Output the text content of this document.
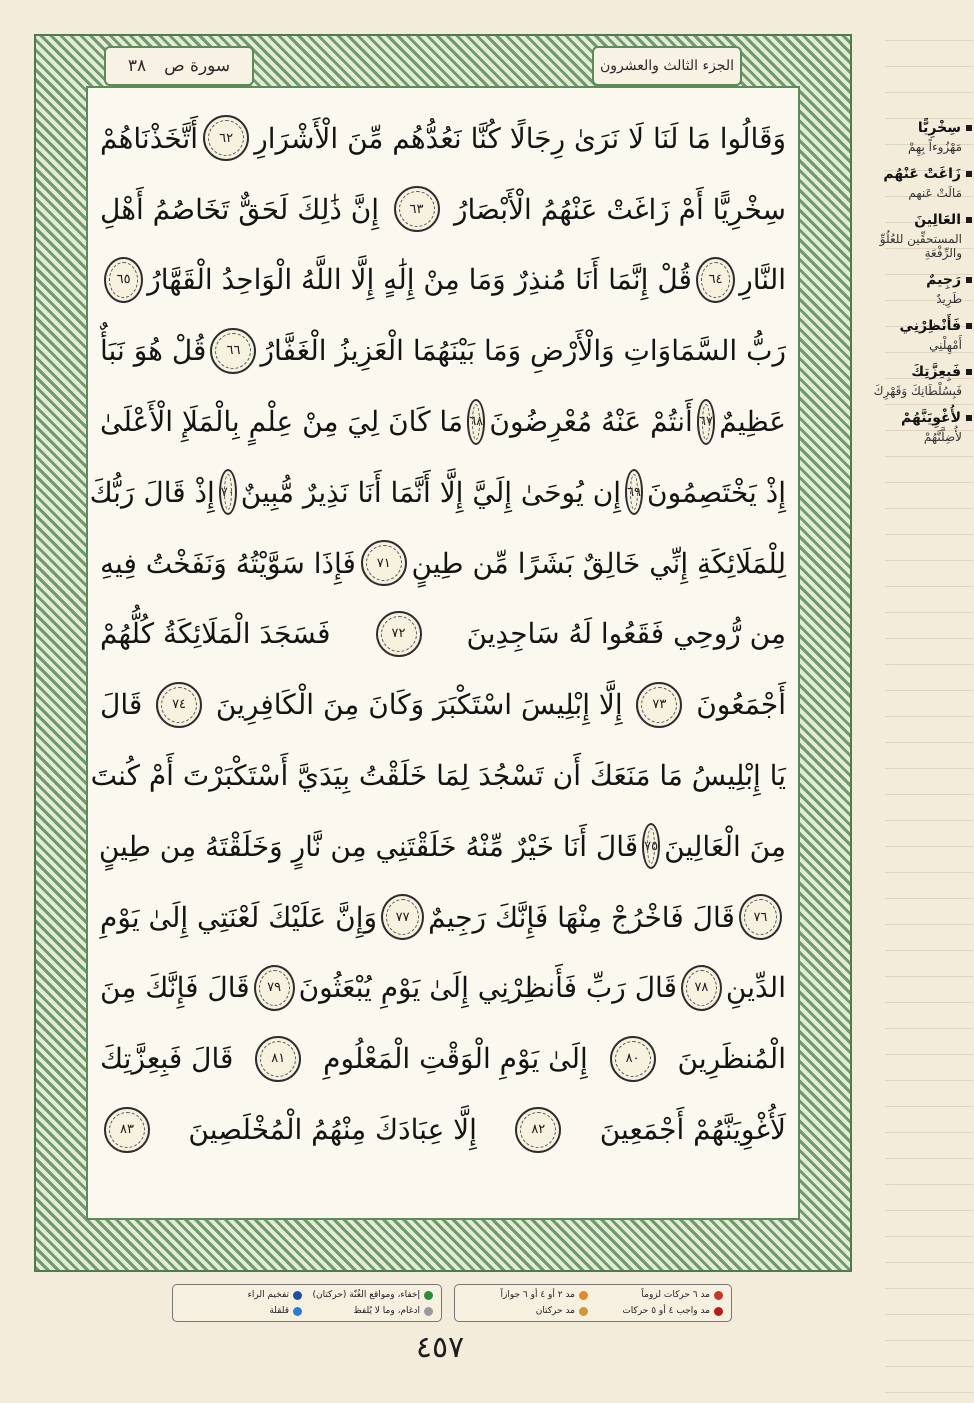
الجزء الثالث والعشرون
٣٨ سورة ص
وَقَالُوا مَا لَنَا لَا نَرَىٰ رِجَالًا كُنَّا نَعُدُّهُم مِّنَ الْأَشْرَارِ
٦٢
أَتَّخَذْنَاهُمْ
سِخْرِيًّا أَمْ زَاغَتْ عَنْهُمُ الْأَبْصَارُ
٦٣
إِنَّ ذَٰلِكَ لَحَقٌّ تَخَاصُمُ أَهْلِ
النَّارِ
٦٤
قُلْ إِنَّمَا أَنَا مُنذِرٌ وَمَا مِنْ إِلَٰهٍ إِلَّا اللَّهُ الْوَاحِدُ الْقَهَّارُ
٦٥
رَبُّ السَّمَاوَاتِ وَالْأَرْضِ وَمَا بَيْنَهُمَا الْعَزِيزُ الْغَفَّارُ
٦٦
قُلْ هُوَ نَبَأٌ
عَظِيمٌ
٦٧
أَنتُمْ عَنْهُ مُعْرِضُونَ
٦٨
مَا كَانَ لِيَ مِنْ عِلْمٍ بِالْمَلَإِ الْأَعْلَىٰ
إِذْ يَخْتَصِمُونَ
٦٩
إِن يُوحَىٰ إِلَيَّ إِلَّا أَنَّمَا أَنَا نَذِيرٌ مُّبِينٌ
٧٠
إِذْ قَالَ رَبُّكَ
لِلْمَلَائِكَةِ إِنِّي خَالِقٌ بَشَرًا مِّن طِينٍ
٧١
فَإِذَا سَوَّيْتُهُ وَنَفَخْتُ فِيهِ
مِن رُّوحِي فَقَعُوا لَهُ سَاجِدِينَ
٧٢
فَسَجَدَ الْمَلَائِكَةُ كُلُّهُمْ
أَجْمَعُونَ
٧٣
إِلَّا إِبْلِيسَ اسْتَكْبَرَ وَكَانَ مِنَ الْكَافِرِينَ
٧٤
قَالَ
يَا إِبْلِيسُ مَا مَنَعَكَ أَن تَسْجُدَ لِمَا خَلَقْتُ بِيَدَيَّ أَسْتَكْبَرْتَ أَمْ كُنتَ
مِنَ الْعَالِينَ
٧٥
قَالَ أَنَا خَيْرٌ مِّنْهُ خَلَقْتَنِي مِن نَّارٍ وَخَلَقْتَهُ مِن طِينٍ
٧٦
قَالَ فَاخْرُجْ مِنْهَا فَإِنَّكَ رَجِيمٌ
٧٧
وَإِنَّ عَلَيْكَ لَعْنَتِي إِلَىٰ يَوْمِ
الدِّينِ
٧٨
قَالَ رَبِّ فَأَنظِرْنِي إِلَىٰ يَوْمِ يُبْعَثُونَ
٧٩
قَالَ فَإِنَّكَ مِنَ
الْمُنظَرِينَ
٨٠
إِلَىٰ يَوْمِ الْوَقْتِ الْمَعْلُومِ
٨١
قَالَ فَبِعِزَّتِكَ
لَأُغْوِيَنَّهُمْ أَجْمَعِينَ
٨٢
إِلَّا عِبَادَكَ مِنْهُمُ الْمُخْلَصِينَ
٨٣
سِخْرِيًّا
مَهْزُوءاً بِهِمْ
زَاغَتْ عَنْهُم
مَالَتْ عَنهم
العَالِينَ
المستحقِّين للعُلُوِّ والرِّفْعَةِ
رَجِيمٌ
طَرِيدٌ
فَأَنْظِرْنِي
أَمْهِلْنِي
فَبِعِزَّتِكَ
فَبِسُلْطَانِكَ وَقَهْرِكَ
لأُغْوِيَنَّهُمْ
لأُضِلَّنَّهُمْ
إخفاء، ومواقع الغُنّة (حركتان)
تفخيم الراء
ادغام، وما لا يُلفظ
قلقلة
مد ٦ حركات لزوماً
مد ٢ أو ٤ أو ٦ جوازاً
مد واجب ٤ أو ٥ حركات
مد حركتان
٤٥٧
